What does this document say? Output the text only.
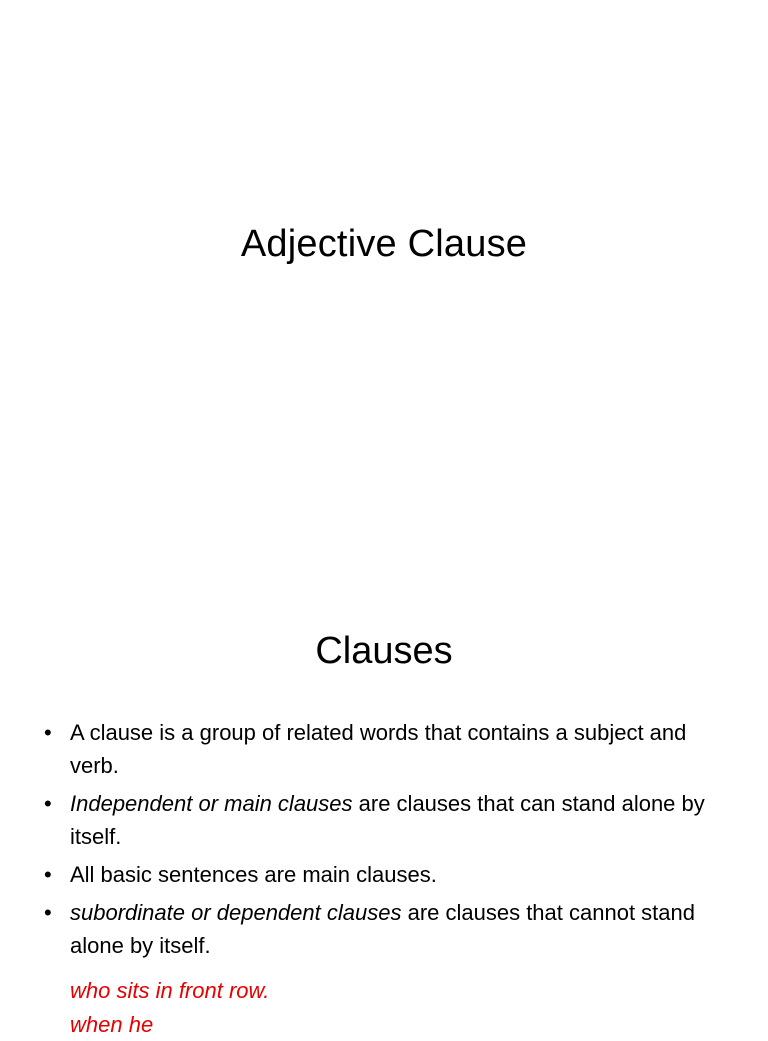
Adjective Clause
Clauses
• A clause is a group of related words that contains a subject and verb.
• Independent or main clauses are clauses that can stand alone by itself.
• All basic sentences are main clauses.
• subordinate or dependent clauses are clauses that cannot stand alone by itself.
who sits in front row.
when he
